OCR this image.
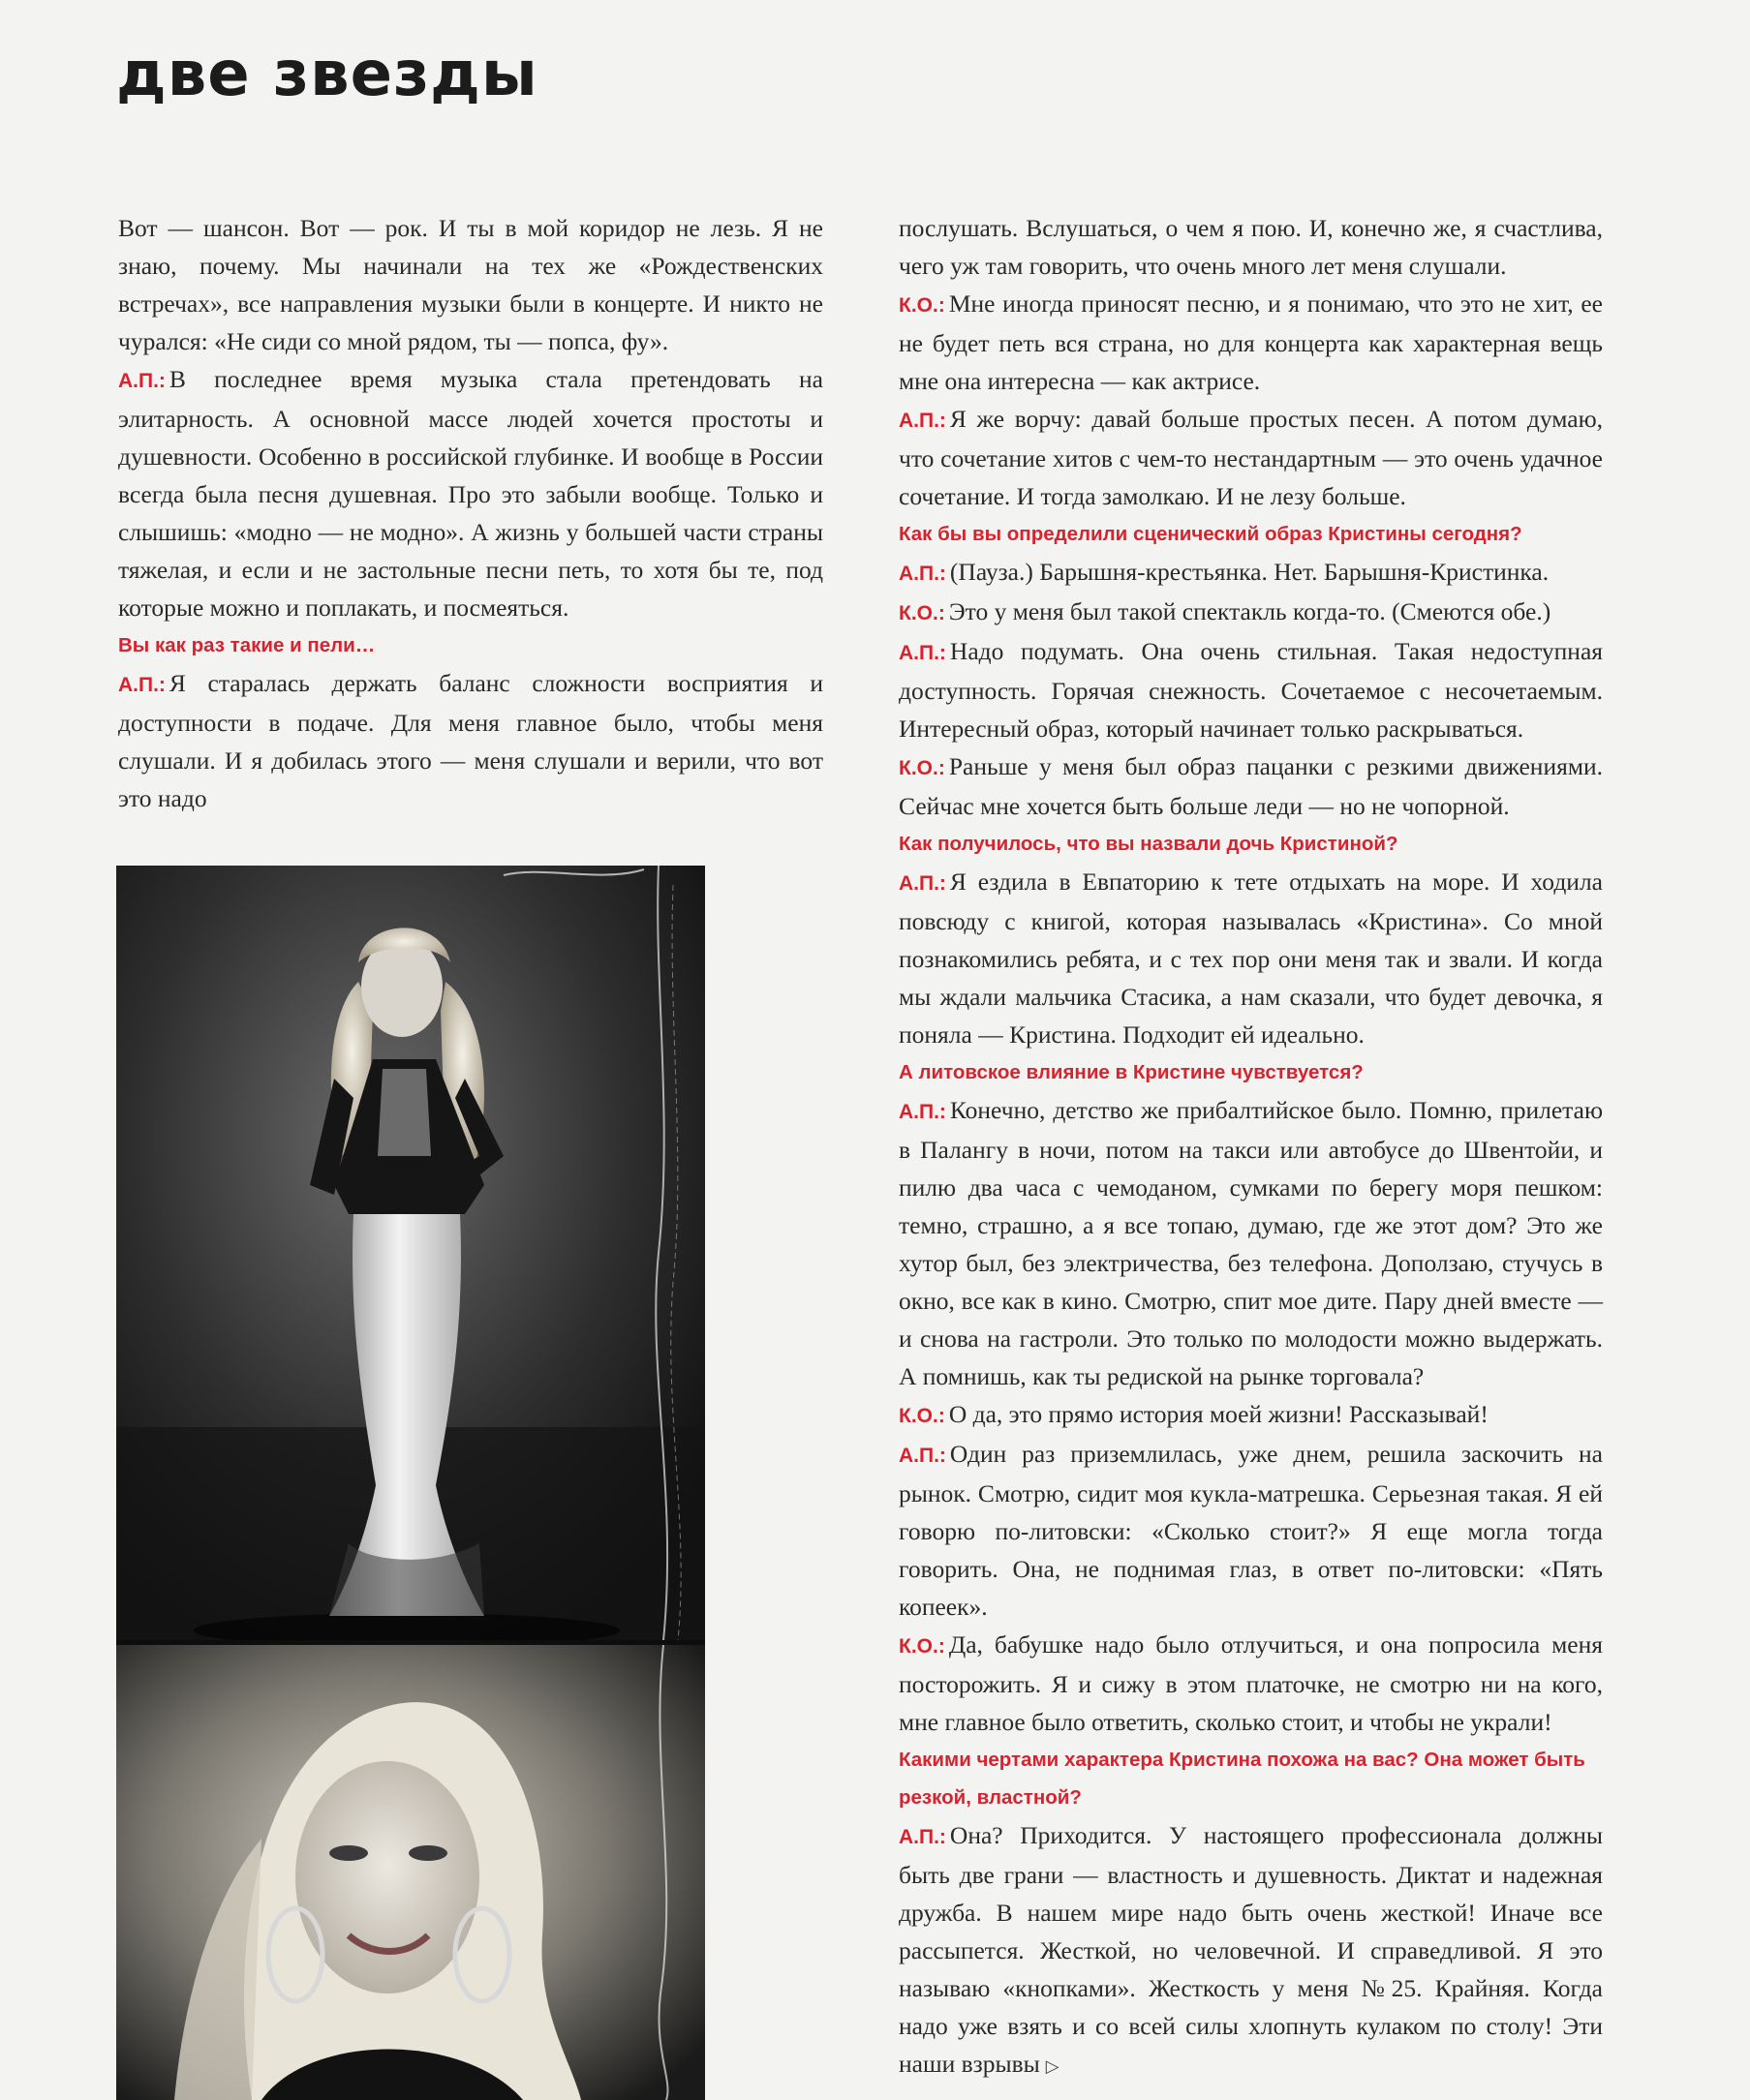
две звезды

Вот — шансон. Вот — рок. И ты в мой коридор не лезь. Я не знаю, почему. Мы начинали на тех же «Рождественских встречах», все направления музыки были в концерте. И никто не чурался: «Не сиди со мной рядом, ты — попса, фу».

А.П.: В последнее время музыка стала претендовать на элитарность. А основной массе людей хочется простоты и душевности. Особенно в российской глубинке. И вообще в России всегда была песня душевная. Про это забыли вообще. Только и слышишь: «модно — не модно». А жизнь у большей части страны тяжелая, и если и не застольные песни петь, то хотя бы те, под которые можно и поплакать, и посмеяться.

Вы как раз такие и пели…

А.П.: Я старалась держать баланс сложности восприятия и доступности в подаче. Для меня главное было, чтобы меня слушали. И я добилась этого — меня слушали и верили, что вот это надо

послушать. Вслушаться, о чем я пою. И, конечно же, я счастлива, чего уж там говорить, что очень много лет меня слушали.

К.О.: Мне иногда приносят песню, и я понимаю, что это не хит, ее не будет петь вся страна, но для концерта как характерная вещь мне она интересна — как актрисе.

А.П.: Я же ворчу: давай больше простых песен. А потом думаю, что сочетание хитов с чем-то нестандартным — это очень удачное сочетание. И тогда замолкаю. И не лезу больше.

Как бы вы определили сценический образ Кристины сегодня?

А.П.: (Пауза.) Барышня-крестьянка. Нет. Барышня-Кристинка.

К.О.: Это у меня был такой спектакль когда-то. (Смеются обе.)

А.П.: Надо подумать. Она очень стильная. Такая недоступная доступность. Горячая снежность. Сочетаемое с несочетаемым. Интересный образ, который начинает только раскрываться.

К.О.: Раньше у меня был образ пацанки с резкими движениями. Сейчас мне хочется быть больше леди — но не чопорной.

Как получилось, что вы назвали дочь Кристиной?

А.П.: Я ездила в Евпаторию к тете отдыхать на море. И ходила повсюду с книгой, которая называлась «Кристина». Со мной познакомились ребята, и с тех пор они меня так и звали. И когда мы ждали мальчика Стасика, а нам сказали, что будет девочка, я поняла — Кристина. Подходит ей идеально.

А литовское влияние в Кристине чувствуется?

А.П.: Конечно, детство же прибалтийское было. Помню, прилетаю в Палангу в ночи, потом на такси или автобусе до Швентойи, и пилю два часа с чемоданом, сумками по берегу моря пешком: темно, страшно, а я все топаю, думаю, где же этот дом? Это же хутор был, без электричества, без телефона. Доползаю, стучусь в окно, все как в кино. Смотрю, спит мое дите. Пару дней вместе — и снова на гастроли. Это только по молодости можно выдержать. А помнишь, как ты редиской на рынке торговала?

К.О.: О да, это прямо история моей жизни! Рассказывай!

А.П.: Один раз приземлилась, уже днем, решила заскочить на рынок. Смотрю, сидит моя кукла-матрешка. Серьезная такая. Я ей говорю по-литовски: «Сколько стоит?» Я еще могла тогда говорить. Она, не поднимая глаз, в ответ по-литовски: «Пять копеек».

К.О.: Да, бабушке надо было отлучиться, и она попросила меня посторожить. Я и сижу в этом платочке, не смотрю ни на кого, мне главное было ответить, сколько стоит, и чтобы не украли!

Какими чертами характера Кристина похожа на вас? Она может быть резкой, властной?

А.П.: Она? Приходится. У настоящего профессионала должны быть две грани — властность и душевность. Диктат и надежная дружба. В нашем мире надо быть очень жесткой! Иначе все рассыпется. Жесткой, но человечной. И справедливой. Я это называю «кнопками». Жесткость у меня №25. Крайняя. Когда надо уже взять и со всей силы хлопнуть кулаком по столу! Эти наши взрывы ▷
